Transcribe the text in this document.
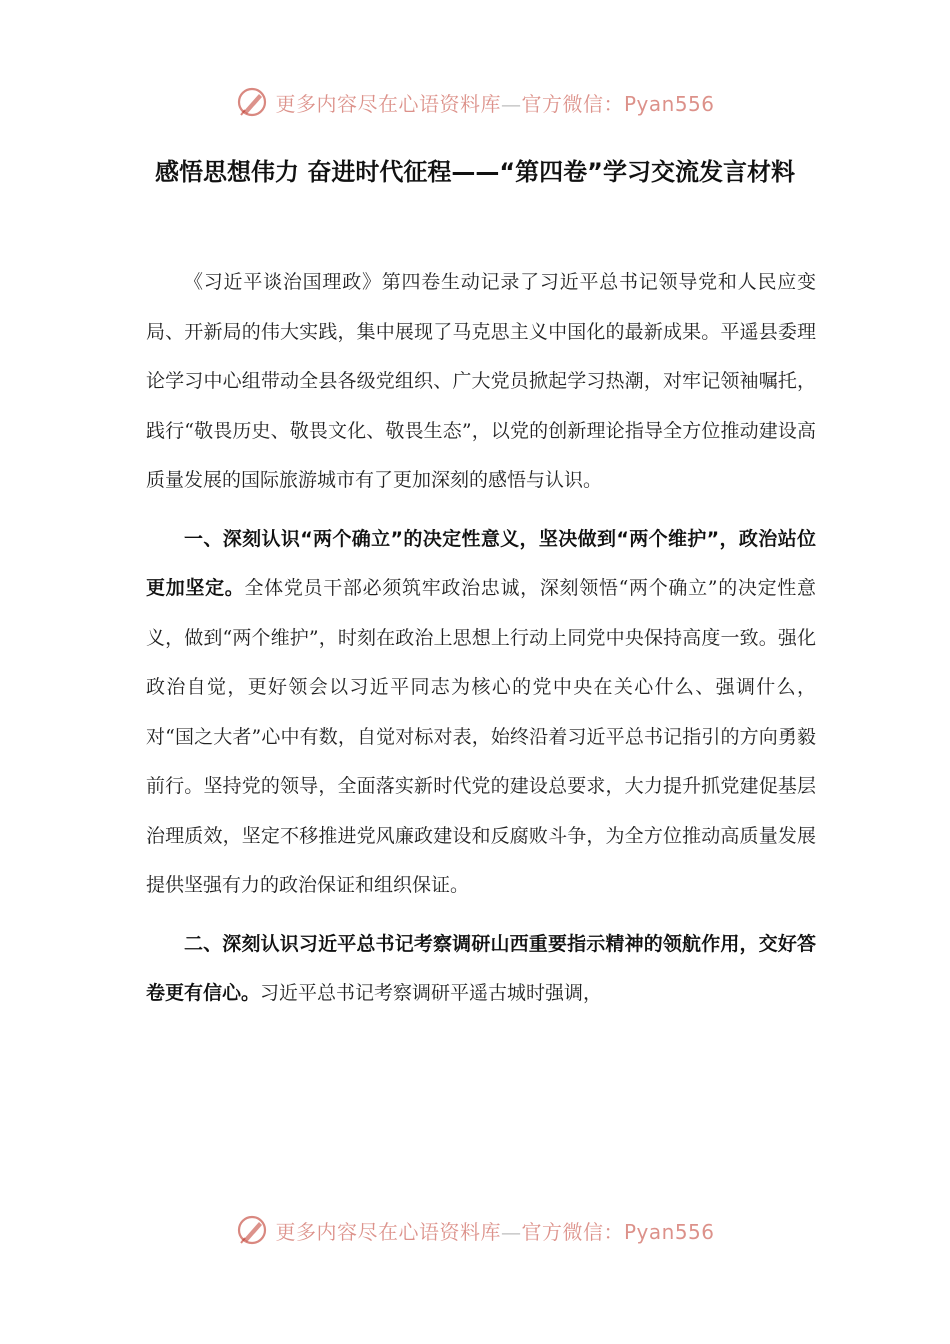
更多内容尽在心语资料库—官方微信：Pyan556
感悟思想伟力 奋进时代征程——“第四卷”学习交流发言材料

《习近平谈治国理政》第四卷生动记录了习近平总书记领导党和人民应变局、开新局的伟大实践，集中展现了马克思主义中国化的最新成果。平遥县委理论学习中心组带动全县各级党组织、广大党员掀起学习热潮，对牢记领袖嘱托，践行“敬畏历史、敬畏文化、敬畏生态”，以党的创新理论指导全方位推动建设高质量发展的国际旅游城市有了更加深刻的感悟与认识。

一、深刻认识“两个确立”的决定性意义，坚决做到“两个维护”，政治站位更加坚定。全体党员干部必须筑牢政治忠诚，深刻领悟“两个确立”的决定性意义，做到“两个维护”，时刻在政治上思想上行动上同党中央保持高度一致。强化政治自觉，更好领会以习近平同志为核心的党中央在关心什么、强调什么，对“国之大者”心中有数，自觉对标对表，始终沿着习近平总书记指引的方向勇毅前行。坚持党的领导，全面落实新时代党的建设总要求，大力提升抓党建促基层治理质效，坚定不移推进党风廉政建设和反腐败斗争，为全方位推动高质量发展提供坚强有力的政治保证和组织保证。

二、深刻认识习近平总书记考察调研山西重要指示精神的领航作用，交好答卷更有信心。习近平总书记考察调研平遥古城时强调，

更多内容尽在心语资料库—官方微信：Pyan556
